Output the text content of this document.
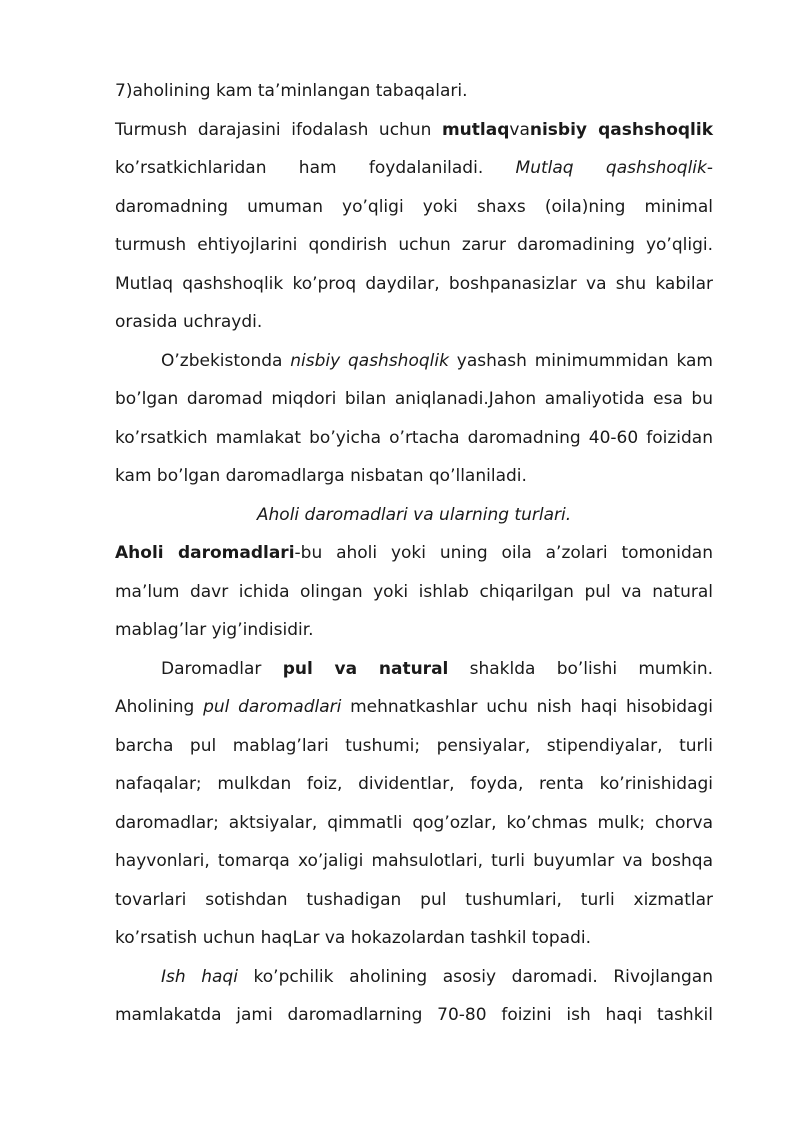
7)aholining kam ta’minlangan tabaqalari.
Turmush darajasini ifodalash uchun mutlaqvanisbiy qashshoqlik
ko’rsatkichlaridan ham foydalaniladi. Mutlaq qashshoqlik-
daromadning umuman yo’qligi yoki shaxs (oila)ning minimal
turmush ehtiyojlarini qondirish uchun zarur daromadining yo’qligi.
Mutlaq qashshoqlik ko’proq daydilar, boshpanasizlar va shu kabilar
orasida uchraydi.
O’zbekistonda nisbiy qashshoqlik yashash minimummidan kam
bo’lgan daromad miqdori bilan aniqlanadi.Jahon amaliyotida esa bu
ko’rsatkich mamlakat bo’yicha o’rtacha daromadning 40-60 foizidan
kam bo’lgan daromadlarga nisbatan qo’llaniladi.
Aholi daromadlari va ularning turlari.
Aholi daromadlari-bu aholi yoki uning oila a’zolari tomonidan
ma’lum davr ichida olingan yoki ishlab chiqarilgan pul va natural
mablag’lar yig’indisidir.
Daromadlar pul va natural shaklda bo’lishi mumkin.
Aholining pul daromadlari mehnatkashlar uchu nish haqi hisobidagi
barcha pul mablag’lari tushumi; pensiyalar, stipendiyalar, turli
nafaqalar; mulkdan foiz, dividentlar, foyda, renta ko’rinishidagi
daromadlar; aktsiyalar, qimmatli qog’ozlar, ko’chmas mulk; chorva
hayvonlari, tomarqa xo’jaligi mahsulotlari, turli buyumlar va boshqa
tovarlari sotishdan tushadigan pul tushumlari, turli xizmatlar
ko’rsatish uchun haqLar va hokazolardan tashkil topadi.
Ish haqi ko’pchilik aholining asosiy daromadi. Rivojlangan
mamlakatda jami daromadlarning 70-80 foizini ish haqi tashkil
